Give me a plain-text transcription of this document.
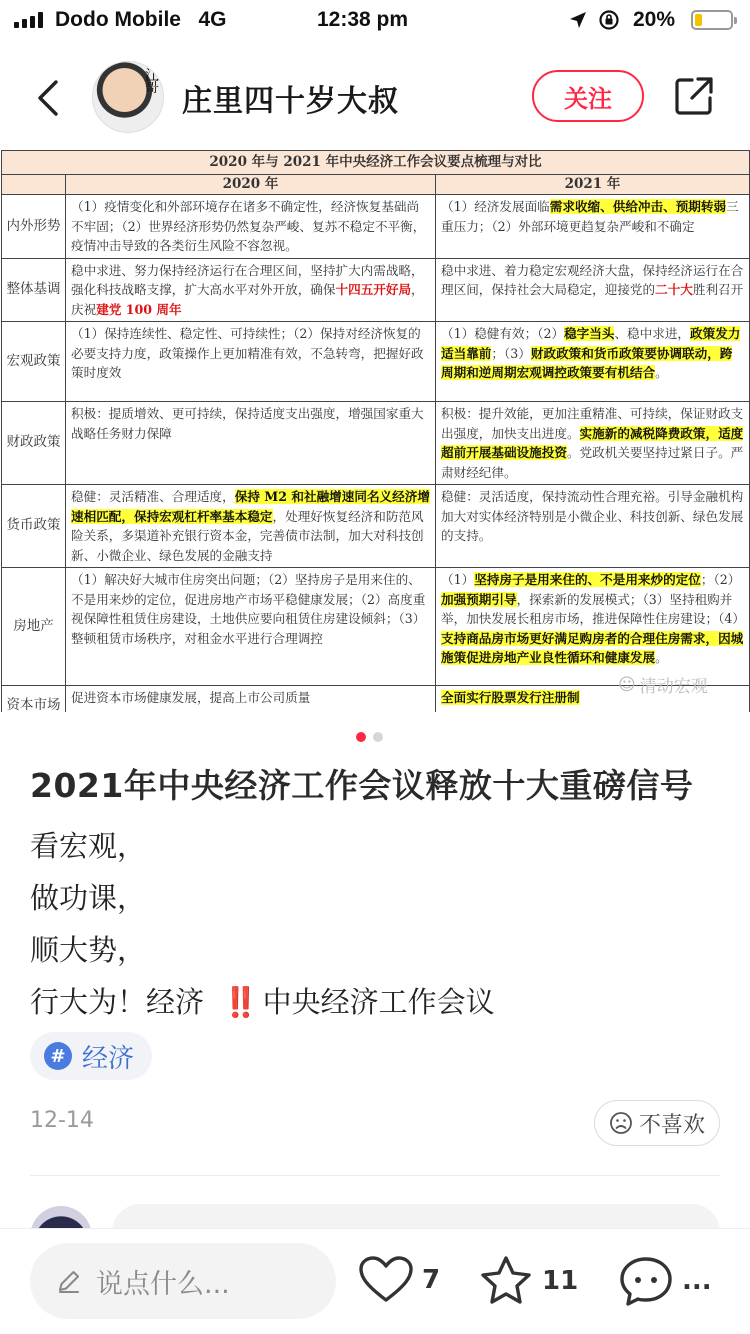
Dodo Mobile 4G	12:38 pm	20%
江哥 庄里四十岁大叔	关注
2020 年与 2021 年中央经济工作会议要点梳理与对比		
	2020 年	2021 年
内外形势	（1）疫情变化和外部环境存在诸多不确定性，经济恢复基础尚不牢固；（2）世界经济形势仍然复杂严峻、复苏不稳定不平衡，疫情冲击导致的各类衍生风险不容忽视。	（1）经济发展面临需求收缩、供给冲击、预期转弱三重压力；（2）外部环境更趋复杂严峻和不确定
整体基调	稳中求进、努力保持经济运行在合理区间，坚持扩大内需战略，强化科技战略支撑，扩大高水平对外开放，确保十四五开好局，庆祝建党 100 周年	稳中求进、着力稳定宏观经济大盘，保持经济运行在合理区间，保持社会大局稳定，迎接党的二十大胜利召开
宏观政策	（1）保持连续性、稳定性、可持续性；（2）保持对经济恢复的必要支持力度，政策操作上更加精准有效，不急转弯，把握好政策时度效	（1）稳健有效；（2）稳字当头、稳中求进，政策发力适当靠前；（3）财政政策和货币政策要协调联动，跨周期和逆周期宏观调控政策要有机结合。
财政政策	积极：提质增效、更可持续，保持适度支出强度，增强国家重大战略任务财力保障	积极：提升效能，更加注重精准、可持续，保证财政支出强度，加快支出进度。实施新的减税降费政策，适度超前开展基础设施投资。党政机关要坚持过紧日子。严肃财经纪律。
货币政策	稳健：灵活精准、合理适度，保持 M2 和社融增速同名义经济增速相匹配，保持宏观杠杆率基本稳定，处理好恢复经济和防范风险关系，多渠道补充银行资本金，完善债市法制，加大对科技创新、小微企业、绿色发展的金融支持	稳健：灵活适度，保持流动性合理充裕。引导金融机构加大对实体经济特别是小微企业、科技创新、绿色发展的支持。
房地产	（1）解决好大城市住房突出问题；（2）坚持房子是用来住的、不是用来炒的定位，促进房地产市场平稳健康发展；（2）高度重视保障性租赁住房建设，土地供应要向租赁住房建设倾斜；（3）整顿租赁市场秩序，对租金水平进行合理调控	（1）坚持房子是用来住的、不是用来炒的定位；（2）加强预期引导，探索新的发展模式；（3）坚持租购并举，加快发展长租房市场，推进保障性住房建设；（4）支持商品房市场更好满足购房者的合理住房需求，因城施策促进房地产业良性循环和健康发展。
资本市场	促进资本市场健康发展，提高上市公司质量	全面实行股票发行注册制
☺ 清动宏观
2021年中央经济工作会议释放十大重磅信号
看宏观，
做功课，
顺大势，
行大为！经济 ‼️ 中央经济工作会议
# 经济
12-14	不喜欢
说点什么...	7	11	...
